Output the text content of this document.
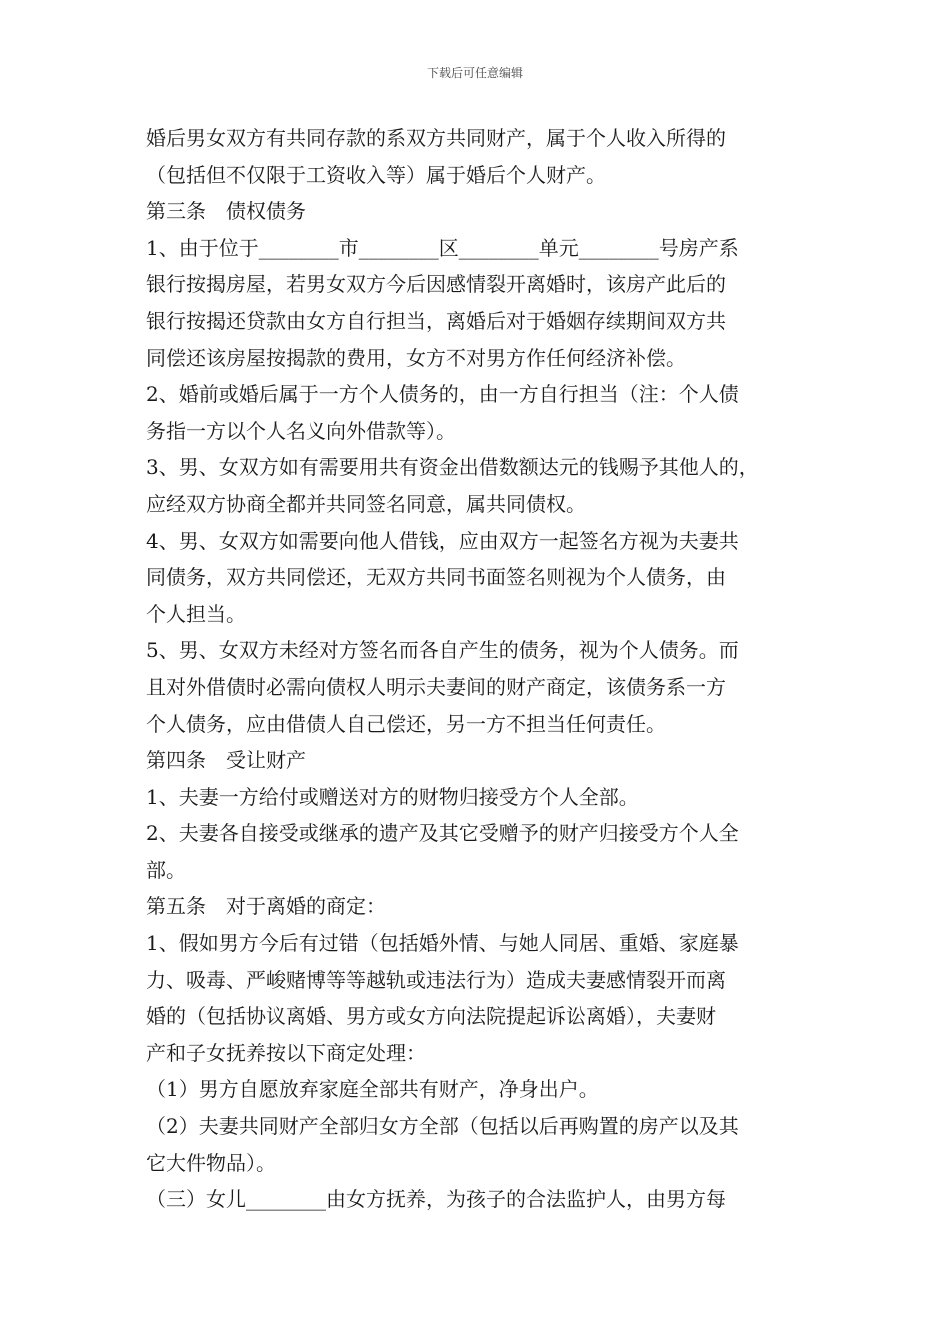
下载后可任意编辑
婚后男女双方有共同存款的系双方共同财产，属于个人收入所得的
（包括但不仅限于工资收入等）属于婚后个人财产。
第三条　债权债务
1、由于位于________市________区________单元________号房产系
银行按揭房屋，若男女双方今后因感情裂开离婚时，该房产此后的
银行按揭还贷款由女方自行担当，离婚后对于婚姻存续期间双方共
同偿还该房屋按揭款的费用，女方不对男方作任何经济补偿。
2、婚前或婚后属于一方个人债务的，由一方自行担当（注：个人债
务指一方以个人名义向外借款等）。
3、男、女双方如有需要用共有资金出借数额达元的钱赐予其他人的，
应经双方协商全都并共同签名同意，属共同债权。
4、男、女双方如需要向他人借钱，应由双方一起签名方视为夫妻共
同债务，双方共同偿还，无双方共同书面签名则视为个人债务，由
个人担当。
5、男、女双方未经对方签名而各自产生的债务，视为个人债务。而
且对外借债时必需向债权人明示夫妻间的财产商定，该债务系一方
个人债务，应由借债人自己偿还，另一方不担当任何责任。
第四条　受让财产
1、夫妻一方给付或赠送对方的财物归接受方个人全部。
2、夫妻各自接受或继承的遗产及其它受赠予的财产归接受方个人全
部。
第五条　对于离婚的商定：
1、假如男方今后有过错（包括婚外情、与她人同居、重婚、家庭暴
力、吸毒、严峻赌博等等越轨或违法行为）造成夫妻感情裂开而离
婚的（包括协议离婚、男方或女方向法院提起诉讼离婚），夫妻财
产和子女抚养按以下商定处理：
（1）男方自愿放弃家庭全部共有财产，净身出户。
（2）夫妻共同财产全部归女方全部（包括以后再购置的房产以及其
它大件物品）。
（三）女儿________由女方抚养，为孩子的合法监护人，由男方每
